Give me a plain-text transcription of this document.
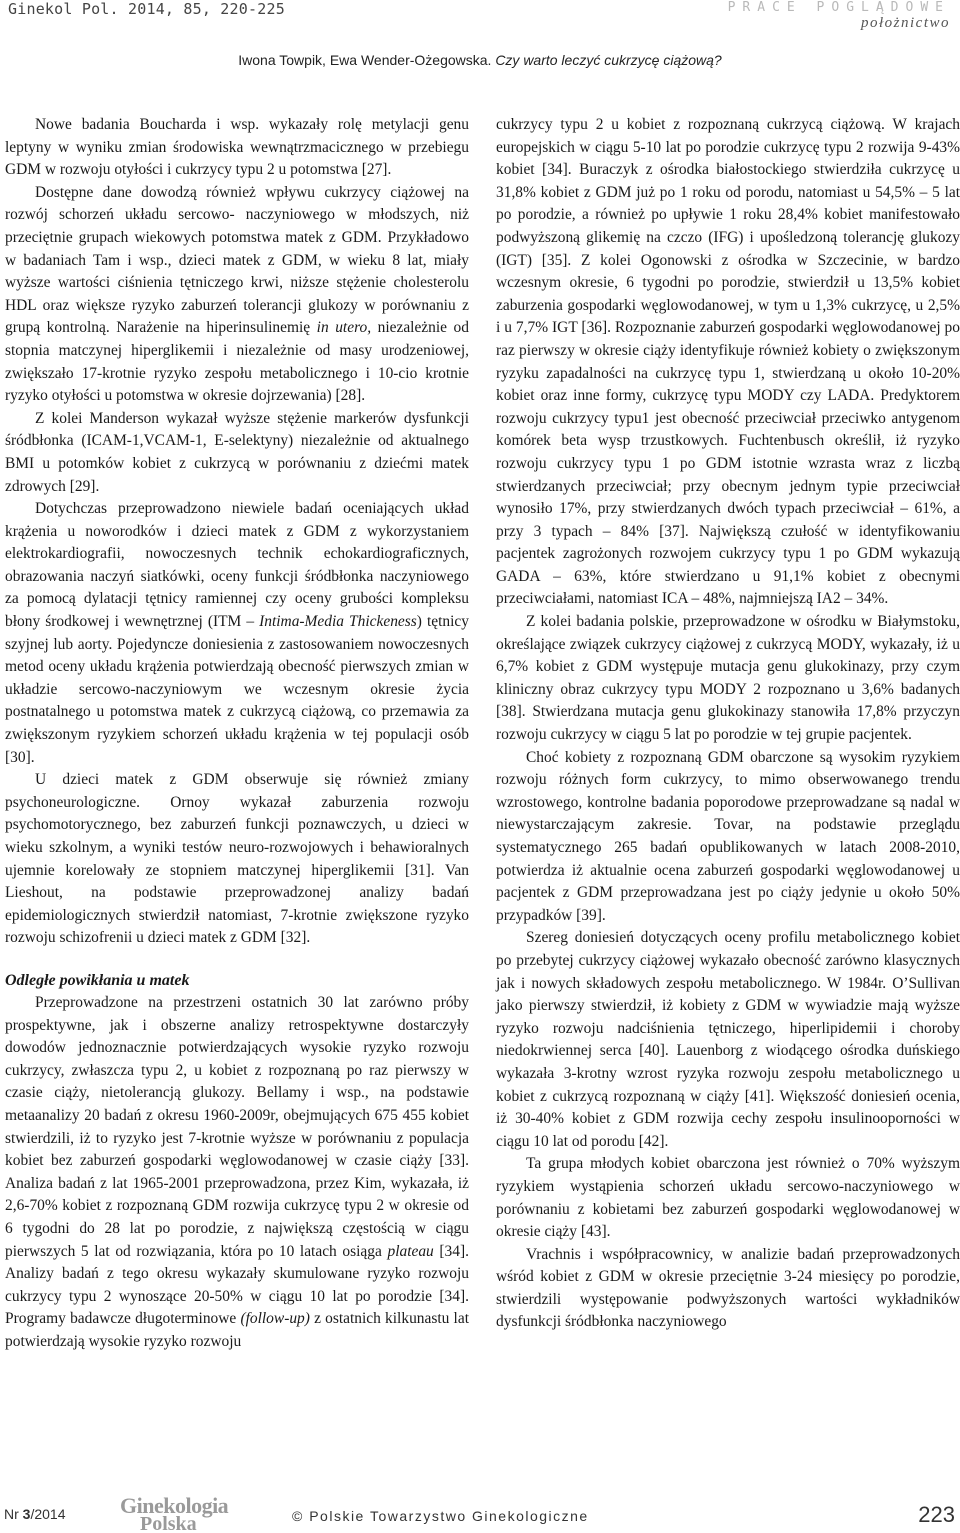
Ginekol Pol. 2014, 85, 220-225	PRACE POGLĄDOWE
położnictwo
Iwona Towpik, Ewa Wender-Ożegowska. Czy warto leczyć cukrzycę ciążową?

Nowe badania Boucharda i wsp. wykazały rolę metylacji genu leptyny w wyniku zmian środowiska wewnątrzmacicznego w przebiegu GDM w rozwoju otyłości i cukrzycy typu 2 u potomstwa [27].

Dostępne dane dowodzą również wpływu cukrzycy ciążowej na rozwój schorzeń układu sercowo- naczyniowego w młodszych, niż przeciętnie grupach wiekowych potomstwa matek z GDM. Przykładowo w badaniach Tam i wsp., dzieci matek z GDM, w wieku 8 lat, miały wyższe wartości ciśnienia tętniczego krwi, niższe stężenie cholesterolu HDL oraz większe ryzyko zaburzeń tolerancji glukozy w porównaniu z grupą kontrolną. Narażenie na hiperinsulinemię in utero, niezależnie od stopnia matczynej hiperglikemii i niezależnie od masy urodzeniowej, zwiększało 17-krotnie ryzyko zespołu metabolicznego i 10-cio krotnie ryzyko otyłości u potomstwa w okresie dojrzewania) [28].

Z kolei Manderson wykazał wyższe stężenie markerów dysfunkcji śródbłonka (ICAM-1,VCAM-1, E-selektyny) niezależnie od aktualnego BMI u potomków kobiet z cukrzycą w porównaniu z dziećmi matek zdrowych [29].

Dotychczas przeprowadzono niewiele badań oceniających układ krążenia u noworodków i dzieci matek z GDM z wykorzystaniem elektrokardiografii, nowoczesnych technik echokardiograficznych, obrazowania naczyń siatkówki, oceny funkcji śródbłonka naczyniowego za pomocą dylatacji tętnicy ramiennej czy oceny grubości kompleksu błony środkowej i wewnętrznej (ITM – Intima-Media Thickeness) tętnicy szyjnej lub aorty. Pojedyncze doniesienia z zastosowaniem nowoczesnych metod oceny układu krążenia potwierdzają obecność pierwszych zmian w układzie sercowo-naczyniowym we wczesnym okresie życia postnatalnego u potomstwa matek z cukrzycą ciążową, co przemawia za zwiększonym ryzykiem schorzeń układu krążenia w tej populacji osób [30].

U dzieci matek z GDM obserwuje się również zmiany psychoneurologiczne. Ornoy wykazał zaburzenia rozwoju psychomotorycznego, bez zaburzeń funkcji poznawczych, u dzieci w wieku szkolnym, a wyniki testów neuro-rozwojowych i behawioralnych ujemnie korelowały ze stopniem matczynej hiperglikemii [31]. Van Lieshout, na podstawie przeprowadzonej analizy badań epidemiologicznych stwierdził natomiast, 7-krotnie zwiększone ryzyko rozwoju schizofrenii u dzieci matek z GDM [32].

Odległe powikłania u matek

Przeprowadzone na przestrzeni ostatnich 30 lat zarówno próby prospektywne, jak i obszerne analizy retrospektywne dostarczyły dowodów jednoznacznie potwierdzających wysokie ryzyko rozwoju cukrzycy, zwłaszcza typu 2, u kobiet z rozpoznaną po raz pierwszy w czasie ciąży, nietolerancją glukozy. Bellamy i wsp., na podstawie metaanalizy 20 badań z okresu 1960-2009r, obejmujących 675 455 kobiet stwierdzili, iż to ryzyko jest 7-krotnie wyższe w porównaniu z populacja kobiet bez zaburzeń gospodarki węglowodanowej w czasie ciąży [33]. Analiza badań z lat 1965-2001 przeprowadzona, przez Kim, wykazała, iż 2,6-70% kobiet z rozpoznaną GDM rozwija cukrzycę typu 2 w okresie od 6 tygodni do 28 lat po porodzie, z największą częstością w ciągu pierwszych 5 lat od rozwiązania, która po 10 latach osiąga plateau [34]. Analizy badań z tego okresu wykazały skumulowane ryzyko rozwoju cukrzycy typu 2 wynoszące 20-50% w ciągu 10 lat po porodzie [34]. Programy badawcze długoterminowe (follow-up) z ostatnich kilkunastu lat potwierdzają wysokie ryzyko rozwoju

cukrzycy typu 2 u kobiet z rozpoznaną cukrzycą ciążową. W krajach europejskich w ciągu 5-10 lat po porodzie cukrzycę typu 2 rozwija 9-43% kobiet [34]. Buraczyk z ośrodka białostockiego stwierdziła cukrzycę u 31,8% kobiet z GDM już po 1 roku od porodu, natomiast u 54,5% – 5 lat po porodzie, a również po upływie 1 roku 28,4% kobiet manifestowało podwyższoną glikemię na czczo (IFG) i upośledzoną tolerancję glukozy (IGT) [35]. Z kolei Ogonowski z ośrodka w Szczecinie, w bardzo wczesnym okresie, 6 tygodni po porodzie, stwierdził u 13,5% kobiet zaburzenia gospodarki węglowodanowej, w tym u 1,3% cukrzycę, u 2,5% i u 7,7% IGT [36]. Rozpoznanie zaburzeń gospodarki węglowodanowej po raz pierwszy w okresie ciąży identyfikuje również kobiety o zwiększonym ryzyku zapadalności na cukrzycę typu 1, stwierdzaną u około 10-20% kobiet oraz inne formy, cukrzycę typu MODY czy LADA. Predyktorem rozwoju cukrzycy typu1 jest obecność przeciwciał przeciwko antygenom komórek beta wysp trzustkowych. Fuchtenbusch określił, iż ryzyko rozwoju cukrzycy typu 1 po GDM istotnie wzrasta wraz z liczbą stwierdzanych przeciwciał; przy obecnym jednym typie przeciwciał wynosiło 17%, przy stwierdzanych dwóch typach przeciwciał – 61%, a przy 3 typach – 84% [37]. Największą czułość w identyfikowaniu pacjentek zagrożonych rozwojem cukrzycy typu 1 po GDM wykazują GADA – 63%, które stwierdzano u 91,1% kobiet z obecnymi przeciwciałami, natomiast ICA – 48%, najmniejszą IA2 – 34%.

Z kolei badania polskie, przeprowadzone w ośrodku w Białymstoku, określające związek cukrzycy ciążowej z cukrzycą MODY, wykazały, iż u 6,7% kobiet z GDM występuje mutacja genu glukokinazy, przy czym kliniczny obraz cukrzycy typu MODY 2 rozpoznano u 3,6% badanych [38]. Stwierdzana mutacja genu glukokinazy stanowiła 17,8% przyczyn rozwoju cukrzycy w ciągu 5 lat po porodzie w tej grupie pacjentek.

Choć kobiety z rozpoznaną GDM obarczone są wysokim ryzykiem rozwoju różnych form cukrzycy, to mimo obserwowanego trendu wzrostowego, kontrolne badania poporodowe przeprowadzane są nadal w niewystarczającym zakresie. Tovar, na podstawie przeglądu systematycznego 265 badań opublikowanych w latach 2008-2010, potwierdza iż aktualnie ocena zaburzeń gospodarki węglowodanowej u pacjentek z GDM przeprowadzana jest po ciąży jedynie u około 50% przypadków [39].

Szereg doniesień dotyczących oceny profilu metabolicznego kobiet po przebytej cukrzycy ciążowej wykazało obecność zarówno klasycznych jak i nowych składowych zespołu metabolicznego. W 1984r. O’Sullivan jako pierwszy stwierdził, iż kobiety z GDM w wywiadzie mają wyższe ryzyko rozwoju nadciśnienia tętniczego, hiperlipidemii i choroby niedokrwiennej serca [40]. Lauenborg z wiodącego ośrodka duńskiego wykazała 3-krotny wzrost ryzyka rozwoju zespołu metabolicznego u kobiet z cukrzycą rozpoznaną w ciąży [41]. Większość doniesień ocenia, iż 30-40% kobiet z GDM rozwija cechy zespołu insulinooporności w ciągu 10 lat od porodu [42].

Ta grupa młodych kobiet obarczona jest również o 70% wyższym ryzykiem wystąpienia schorzeń układu sercowo-naczyniowego w porównaniu z kobietami bez zaburzeń gospodarki węglowodanowej w okresie ciąży [43].

Vrachnis i współpracownicy, w analizie badań przeprowadzonych wśród kobiet z GDM w okresie przeciętnie 3-24 miesięcy po porodzie, stwierdzili występowanie podwyższonych wartości wykładników dysfunkcji śródbłonka naczyniowego

Nr 3/2014 Ginekologia
Polska	© Polskie Towarzystwo Ginekologiczne	223
